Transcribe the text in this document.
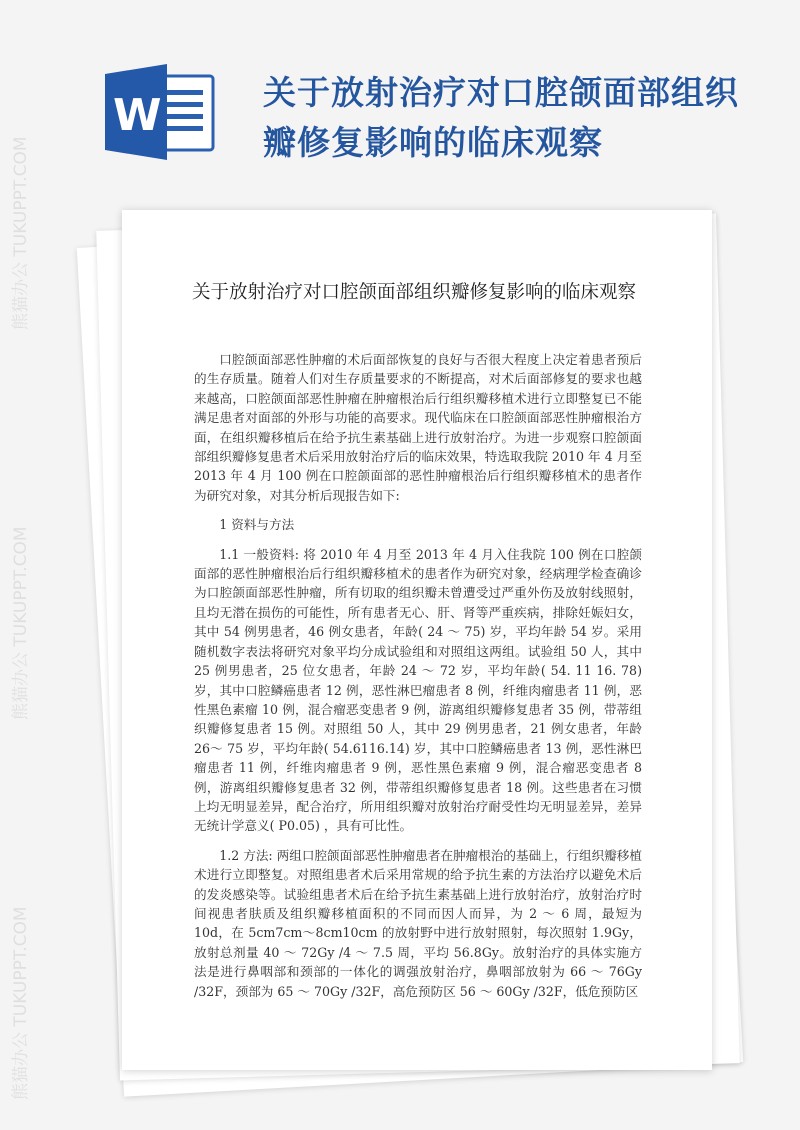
W	关于放射治疗对口腔颌面部组织瓣修复影响的临床观察
关于放射治疗对口腔颌面部组织瓣修复影响的临床观察

口腔颌面部恶性肿瘤的术后面部恢复的良好与否很大程度上决定着患者预后的生存质量。随着人们对生存质量要求的不断提高，对术后面部修复的要求也越来越高，口腔颌面部恶性肿瘤在肿瘤根治后行组织瓣移植术进行立即整复已不能满足患者对面部的外形与功能的高要求。现代临床在口腔颌面部恶性肿瘤根治方面，在组织瓣移植后在给予抗生素基础上进行放射治疗。为进一步观察口腔颌面部组织瓣修复患者术后采用放射治疗后的临床效果，特选取我院 2010 年 4 月至 2013 年 4 月 100 例在口腔颌面部的恶性肿瘤根治后行组织瓣移植术的患者作为研究对象，对其分析后现报告如下:

1 资料与方法

1.1 一般资料: 将 2010 年 4 月至 2013 年 4 月入住我院 100 例在口腔颌面部的恶性肿瘤根治后行组织瓣移植术的患者作为研究对象，经病理学检查确诊为口腔颌面部恶性肿瘤，所有切取的组织瓣未曾遭受过严重外伤及放射线照射，且均无潜在损伤的可能性，所有患者无心、肝、肾等严重疾病，排除妊娠妇女，其中 54 例男患者，46 例女患者，年龄( 24 ～ 75) 岁，平均年龄 54 岁。采用随机数字表法将研究对象平均分成试验组和对照组这两组。试验组 50 人，其中 25 例男患者，25 位女患者，年龄 24 ～ 72 岁，平均年龄( 54. 11 16. 78) 岁，其中口腔鳞癌患者 12 例，恶性淋巴瘤患者 8 例，纤维肉瘤患者 11 例，恶性黑色素瘤 10 例，混合瘤恶变患者 9 例，游离组织瓣修复患者 35 例，带蒂组织瓣修复患者 15 例。对照组 50 人，其中 29 例男患者，21 例女患者，年龄 26～ 75 岁，平均年龄( 54.6116.14) 岁，其中口腔鳞癌患者 13 例，恶性淋巴瘤患者 11 例，纤维肉瘤患者 9 例，恶性黑色素瘤 9 例，混合瘤恶变患者 8 例，游离组织瓣修复患者 32 例，带蒂组织瓣修复患者 18 例。这些患者在习惯上均无明显差异，配合治疗，所用组织瓣对放射治疗耐受性均无明显差异，差异无统计学意义( P0.05) ，具有可比性。

1.2 方法: 两组口腔颌面部恶性肿瘤患者在肿瘤根治的基础上，行组织瓣移植术进行立即整复。对照组患者术后采用常规的给予抗生素的方法治疗以避免术后的发炎感染等。试验组患者术后在给予抗生素基础上进行放射治疗，放射治疗时间视患者肤质及组织瓣移植面积的不同而因人而异，为 2 ～ 6 周，最短为 10d，在 5cm7cm～8cm10cm 的放射野中进行放射照射，每次照射 1.9Gy，放射总剂量 40 ～ 72Gy /4 ～ 7.5 周，平均 56.8Gy。放射治疗的具体实施方法是进行鼻咽部和颈部的一体化的调强放射治疗，鼻咽部放射为 66 ～ 76Gy /32F，颈部为 65 ～ 70Gy /32F，高危预防区 56 ～ 60Gy /32F，低危预防区

熊猫办公 TUKUPPT.COM
熊猫办公 TUKUPPT.COM
熊猫办公 TUKUPPT.COM
